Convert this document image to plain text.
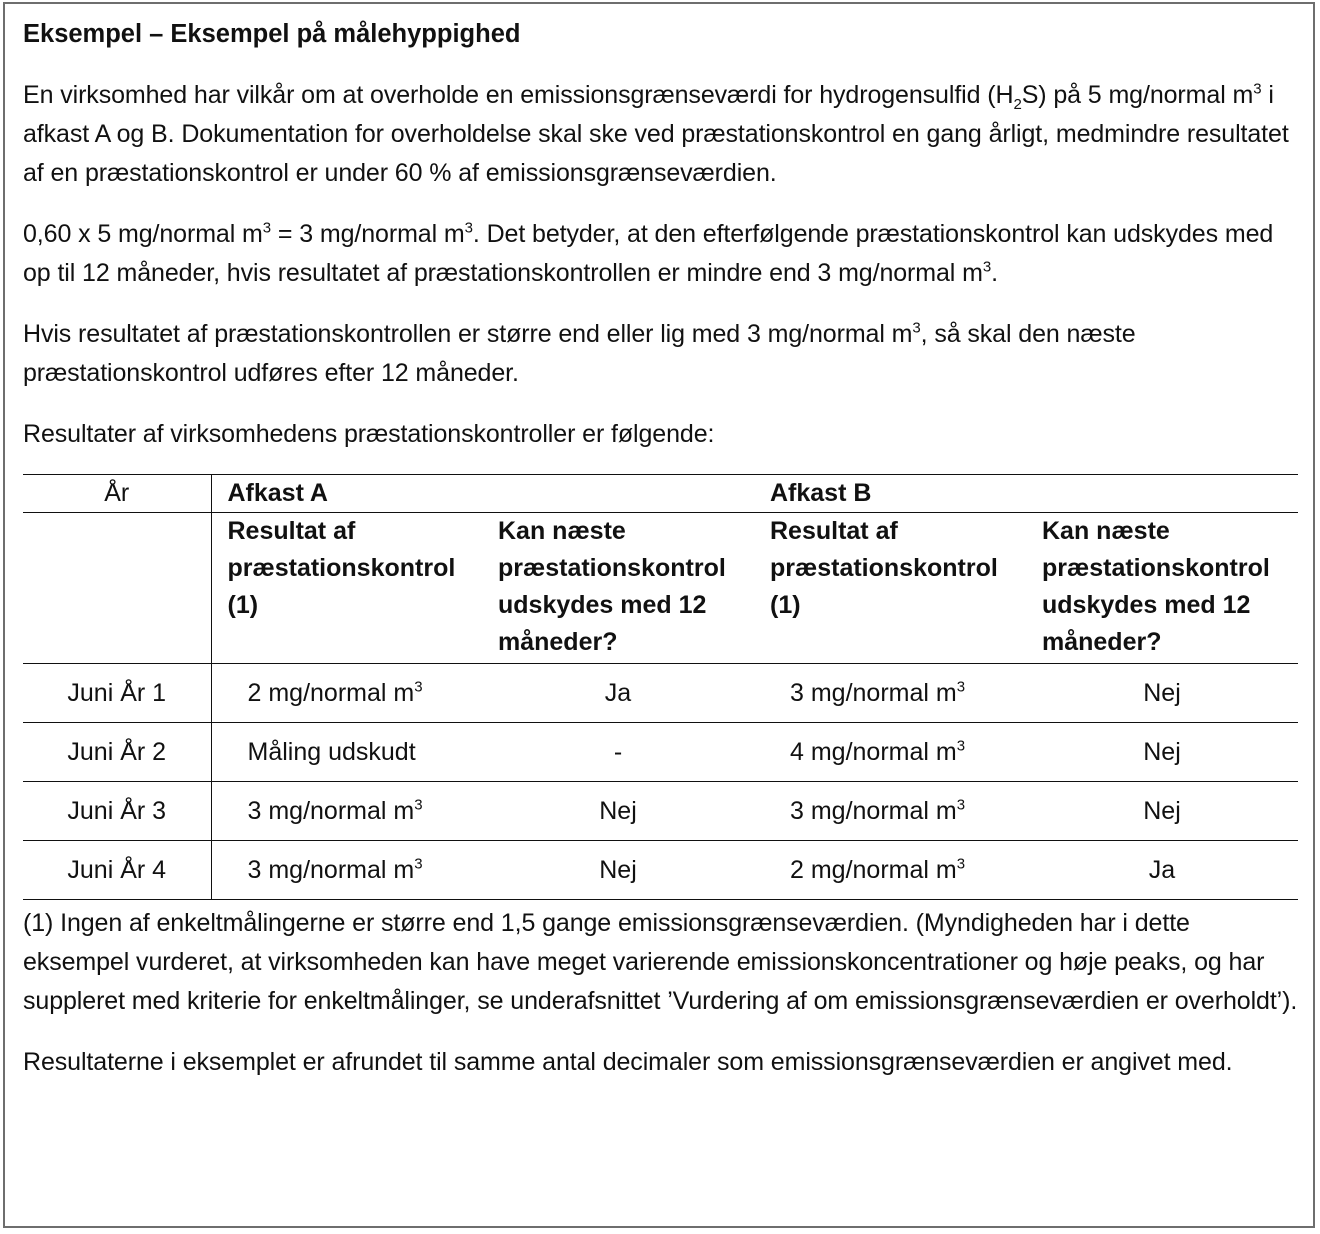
Eksempel – Eksempel på målehyppighed

En virksomhed har vilkår om at overholde en emissionsgrænseværdi for hydrogensulfid $(H_2S)$ på 5 mg/normal $m^3$ i afkast A og B. Dokumentation for overholdelse skal ske ved præstationskontrol en gang årligt, medmindre resultatet af en præstationskontrol er under 60 % af emissionsgrænseværdien.

0,60 x 5 mg/normal $m^3 = 3$ mg/normal $m^3$. Det betyder, at den efterfølgende præstationskontrol kan udskydes med op til 12 måneder, hvis resultatet af præstationskontrollen er mindre end 3 mg/normal $m^3$.

Hvis resultatet af præstationskontrollen er større end eller lig med 3 mg/normal $m^3$, så skal den næste præstationskontrol udføres efter 12 måneder.

Resultater af virksomhedens præstationskontroller er følgende:

År	Afkast A		Afkast B	
	Resultat af præstationskontrol (1)	Kan næste præstationskontrol udskydes med 12 måneder?	Resultat af præstationskontrol (1)	Kan næste præstationskontrol udskydes med 12 måneder?
Juni År 1	2 mg/normal $m^3$	Ja	3 mg/normal $m^3$	Nej
Juni År 2	Måling udskudt	-	4 mg/normal $m^3$	Nej
Juni År 3	3 mg/normal $m^3$	Nej	3 mg/normal $m^3$	Nej
Juni År 4	3 mg/normal $m^3$	Nej	2 mg/normal $m^3$	Ja

(1) Ingen af enkeltmålingerne er større end 1,5 gange emissionsgrænseværdien. (Myndigheden har i dette eksempel vurderet, at virksomheden kan have meget varierende emissionskoncentrationer og høje peaks, og har suppleret med kriterie for enkeltmålinger, se underafsnittet ’Vurdering af om emissionsgrænseværdien er overholdt’).

Resultaterne i eksemplet er afrundet til samme antal decimaler som emissionsgrænseværdien er angivet med.
